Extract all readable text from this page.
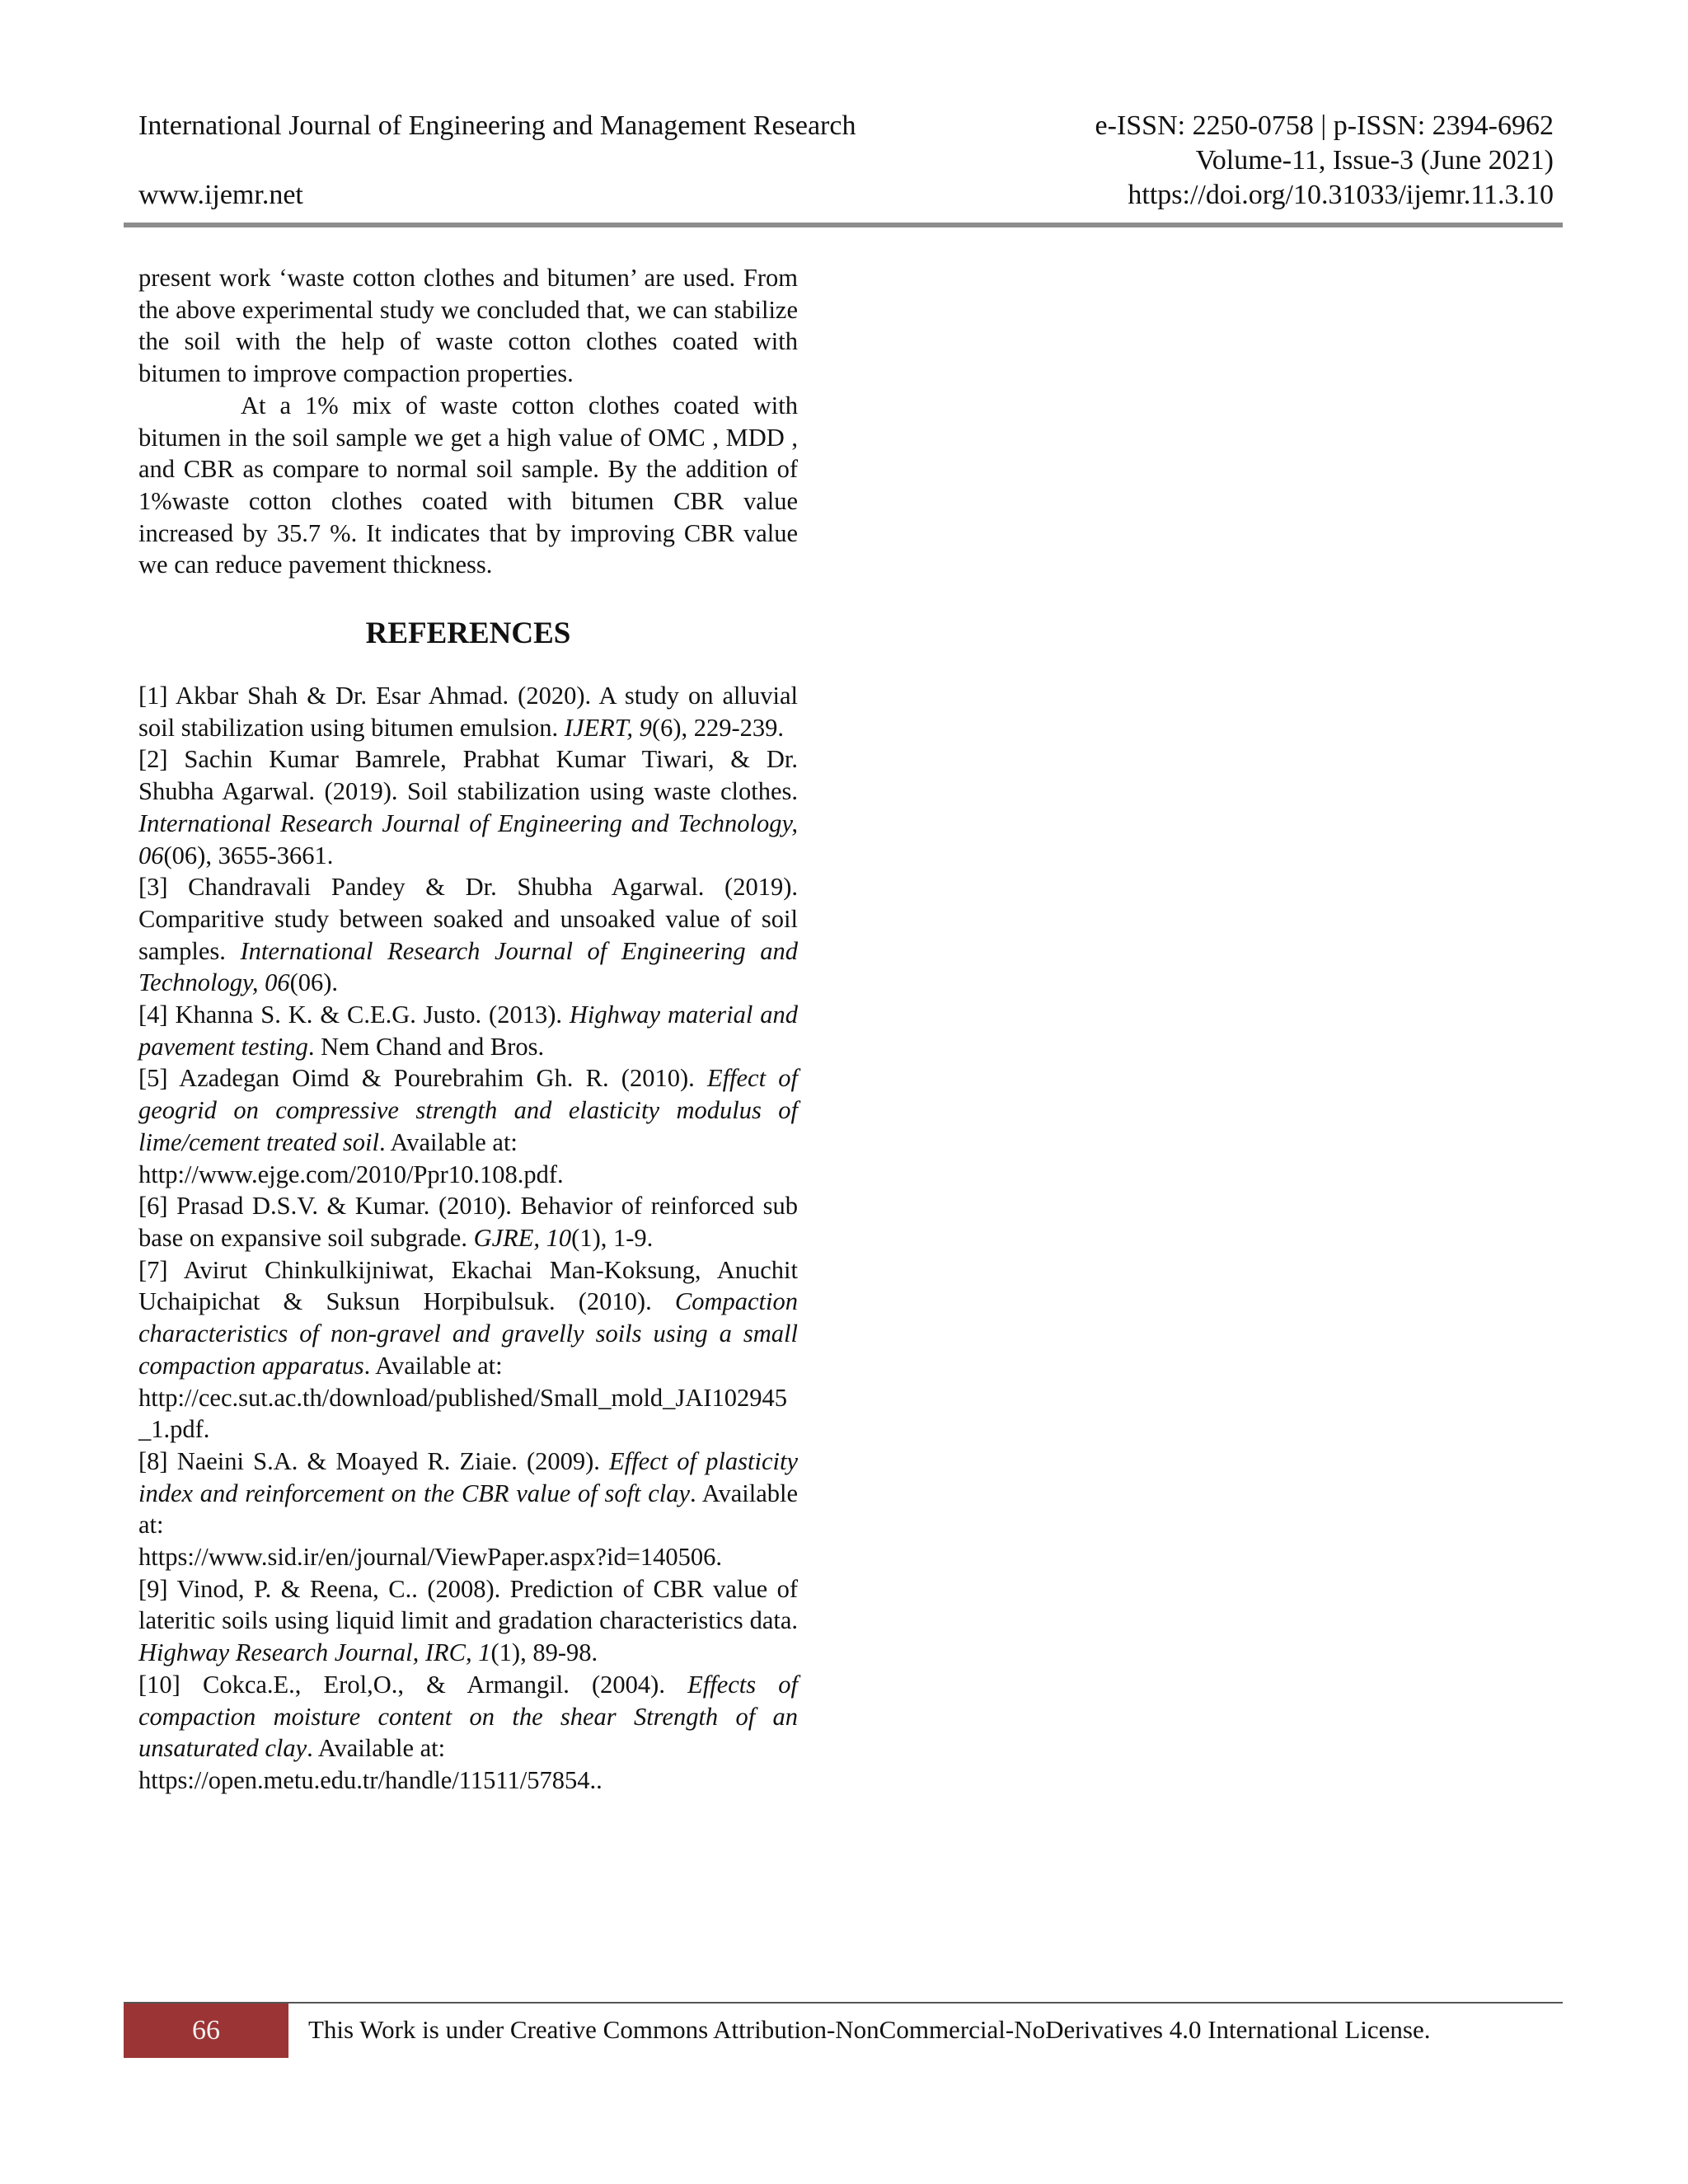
International Journal of Engineering and Management Research
www.ijemr.net
e-ISSN: 2250-0758 | p-ISSN: 2394-6962
Volume-11, Issue-3 (June 2021)
https://doi.org/10.31033/ijemr.11.3.10

present work ‘waste cotton clothes and bitumen’ are used. From the above experimental study we concluded that, we can stabilize the soil with the help of waste cotton clothes coated with bitumen to improve compaction properties.

At a 1% mix of waste cotton clothes coated with bitumen in the soil sample we get a high value of OMC , MDD , and CBR as compare to normal soil sample. By the addition of 1%waste cotton clothes coated with bitumen CBR value increased by 35.7 %. It indicates that by improving CBR value we can reduce pavement thickness.

REFERENCES

[1] Akbar Shah & Dr. Esar Ahmad. (2020). A study on alluvial soil stabilization using bitumen emulsion. IJERT, 9(6), 229-239.

[2] Sachin Kumar Bamrele, Prabhat Kumar Tiwari, & Dr. Shubha Agarwal. (2019). Soil stabilization using waste clothes. International Research Journal of Engineering and Technology, 06(06), 3655-3661.

[3] Chandravali Pandey & Dr. Shubha Agarwal. (2019). Comparitive study between soaked and unsoaked value of soil samples. International Research Journal of Engineering and Technology, 06(06).

[4] Khanna S. K. & C.E.G. Justo. (2013). Highway material and pavement testing. Nem Chand and Bros.

[5] Azadegan Oimd & Pourebrahim Gh. R. (2010). Effect of geogrid on compressive strength and elasticity modulus of lime/cement treated soil. Available at:

http://www.ejge.com/2010/Ppr10.108.pdf.

[6] Prasad D.S.V. & Kumar. (2010). Behavior of reinforced sub base on expansive soil subgrade. GJRE, 10(1), 1-9.

[7] Avirut Chinkulkijniwat, Ekachai Man-Koksung, Anuchit Uchaipichat & Suksun Horpibulsuk. (2010). Compaction characteristics of non-gravel and gravelly soils using a small compaction apparatus. Available at:

http://cec.sut.ac.th/download/published/Small_mold_JAI102945_1.pdf.

[8] Naeini S.A. & Moayed R. Ziaie. (2009). Effect of plasticity index and reinforcement on the CBR value of soft clay. Available at:

https://www.sid.ir/en/journal/ViewPaper.aspx?id=140506.

[9] Vinod, P. & Reena, C.. (2008). Prediction of CBR value of lateritic soils using liquid limit and gradation characteristics data. Highway Research Journal, IRC, 1(1), 89-98.

[10] Cokca.E., Erol,O., & Armangil. (2004). Effects of compaction moisture content on the shear Strength of an unsaturated clay. Available at:

https://open.metu.edu.tr/handle/11511/57854..

66	This Work is under Creative Commons Attribution-NonCommercial-NoDerivatives 4.0 International License.
